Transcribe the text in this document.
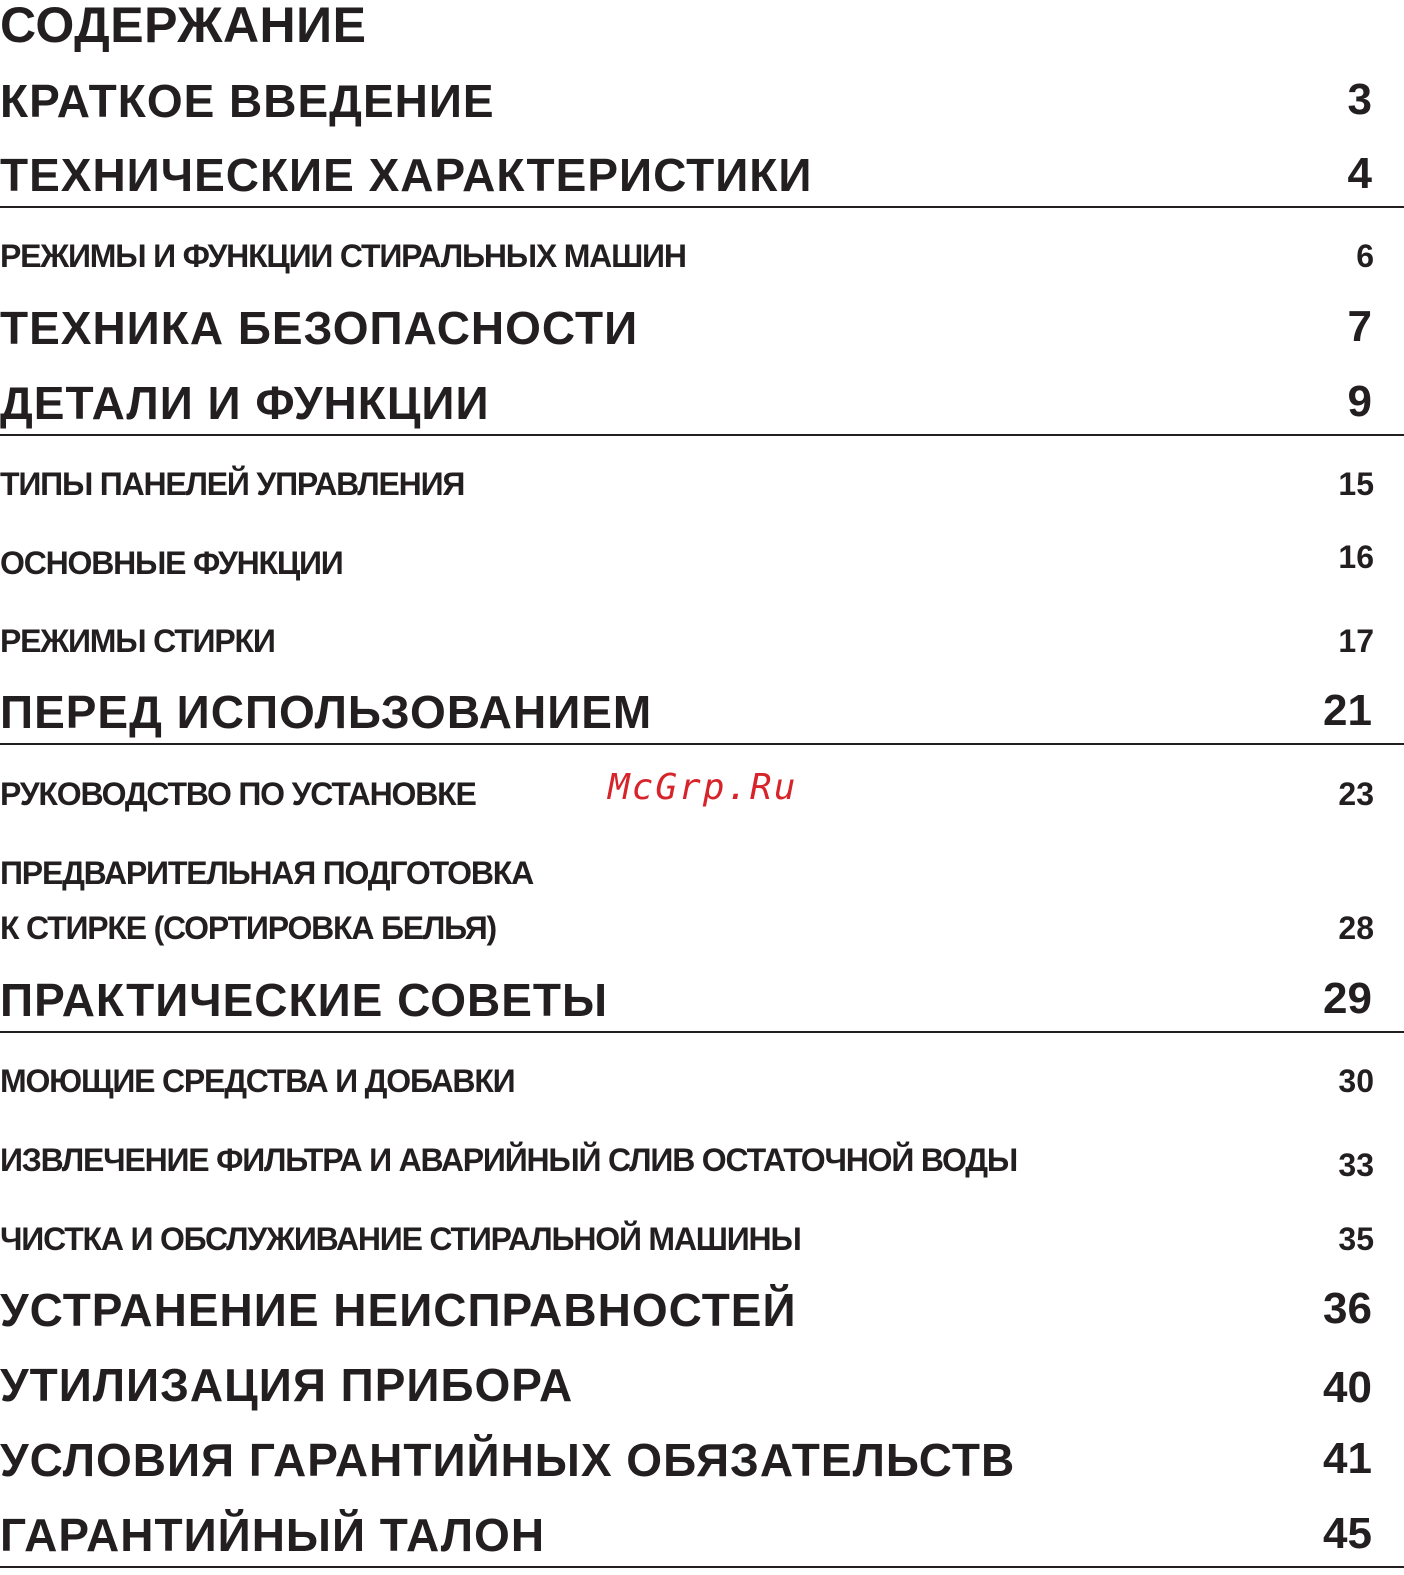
СОДЕРЖАНИЕ
КРАТКОЕ ВВЕДЕНИЕ	3
ТЕХНИЧЕСКИЕ ХАРАКТЕРИСТИКИ	4
РЕЖИМЫ И ФУНКЦИИ СТИРАЛЬНЫХ МАШИН	6
ТЕХНИКА БЕЗОПАСНОСТИ	7
ДЕТАЛИ И ФУНКЦИИ	9
ТИПЫ ПАНЕЛЕЙ УПРАВЛЕНИЯ	15
ОСНОВНЫЕ ФУНКЦИИ	16
РЕЖИМЫ СТИРКИ	17
ПЕРЕД ИСПОЛЬЗОВАНИЕМ	21
РУКОВОДСТВО ПО УСТАНОВКЕ	23
McGrp.Ru
ПРЕДВАРИТЕЛЬНАЯ ПОДГОТОВКА
К СТИРКЕ (СОРТИРОВКА БЕЛЬЯ)	28
ПРАКТИЧЕСКИЕ СОВЕТЫ	29
МОЮЩИЕ СРЕДСТВА И ДОБАВКИ	30
ИЗВЛЕЧЕНИЕ ФИЛЬТРА И АВАРИЙНЫЙ СЛИВ ОСТАТОЧНОЙ ВОДЫ	33
ЧИСТКА И ОБСЛУЖИВАНИЕ СТИРАЛЬНОЙ МАШИНЫ	35
УСТРАНЕНИЕ НЕИСПРАВНОСТЕЙ	36
УТИЛИЗАЦИЯ ПРИБОРА	40
УСЛОВИЯ ГАРАНТИЙНЫХ ОБЯЗАТЕЛЬСТВ	41
ГАРАНТИЙНЫЙ ТАЛОН	45
